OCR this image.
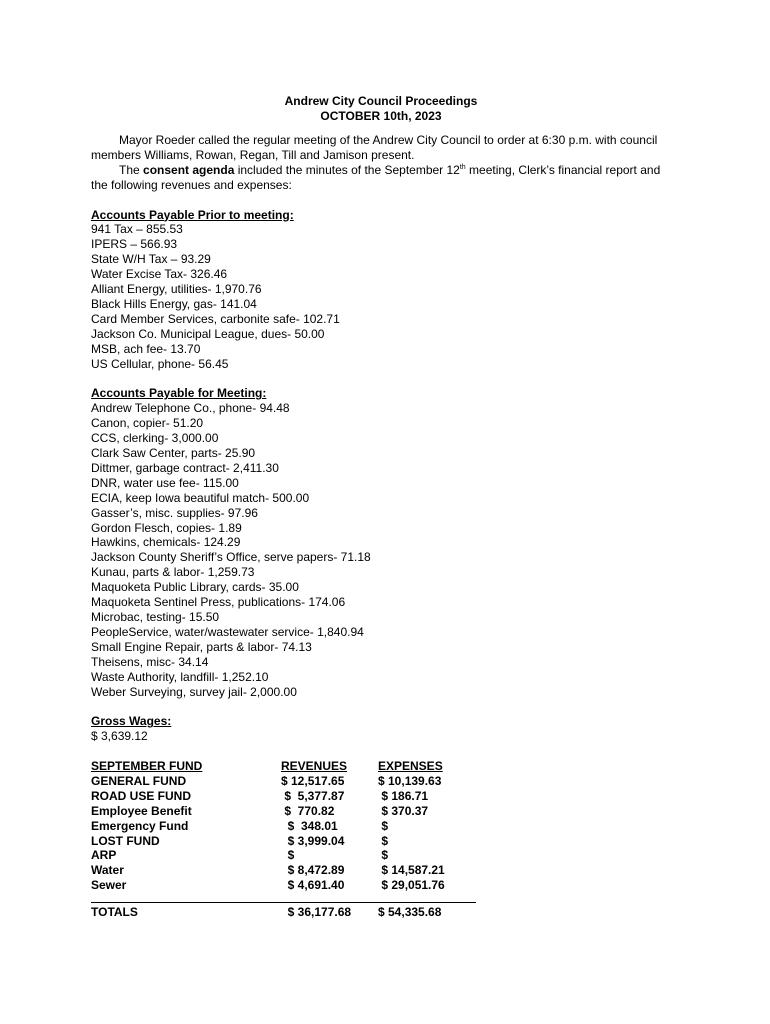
Andrew City Council Proceedings
OCTOBER 10th, 2023

Mayor Roeder called the regular meeting of the Andrew City Council to order at 6:30 p.m. with council members Williams, Rowan, Regan, Till and Jamison present.

The consent agenda included the minutes of the September 12th meeting, Clerk’s financial report and the following revenues and expenses:

Accounts Payable Prior to meeting:
941 Tax – 855.53
IPERS – 566.93
State W/H Tax – 93.29
Water Excise Tax- 326.46
Alliant Energy, utilities- 1,970.76
Black Hills Energy, gas- 141.04
Card Member Services, carbonite safe- 102.71
Jackson Co. Municipal League, dues- 50.00
MSB, ach fee- 13.70
US Cellular, phone- 56.45
Accounts Payable for Meeting:
Andrew Telephone Co., phone- 94.48
Canon, copier- 51.20
CCS, clerking- 3,000.00
Clark Saw Center, parts- 25.90
Dittmer, garbage contract- 2,411.30
DNR, water use fee- 115.00
ECIA, keep Iowa beautiful match- 500.00
Gasser’s, misc. supplies- 97.96
Gordon Flesch, copies- 1.89
Hawkins, chemicals- 124.29
Jackson County Sheriff’s Office, serve papers- 71.18
Kunau, parts & labor- 1,259.73
Maquoketa Public Library, cards- 35.00
Maquoketa Sentinel Press, publications- 174.06
Microbac, testing- 15.50
PeopleService, water/wastewater service- 1,840.94
Small Engine Repair, parts & labor- 74.13
Theisens, misc- 34.14
Waste Authority, landfill- 1,252.10
Weber Surveying, survey jail- 2,000.00
Gross Wages:
$ 3,639.12
SEPTEMBER FUND	REVENUES	EXPENSES
GENERAL FUND	$ 12,517.65	$ 10,139.63
ROAD USE FUND	$  5,377.87	$ 186.71
Employee Benefit	$  770.82	$ 370.37
Emergency Fund	$  348.01	$
LOST FUND	$ 3,999.04	$
ARP	$	$
Water	$ 8,472.89	$ 14,587.21
Sewer	$ 4,691.40	$ 29,051.76
TOTALS	$ 36,177.68	$ 54,335.68
